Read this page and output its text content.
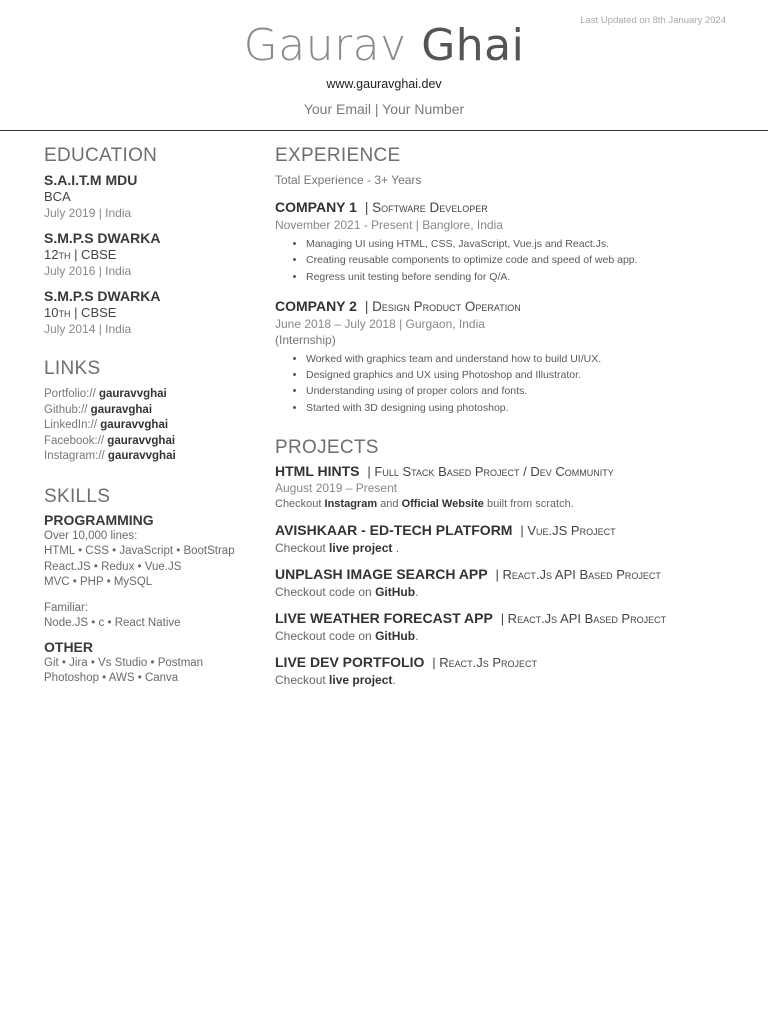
Last Updated on 8th January 2024
Gaurav Ghai
www.gauravghai.dev
Your Email | Your Number
EDUCATION
S.A.I.T.M MDU
BCA
July 2019 | India
S.M.P.S DWARKA
12th | CBSE
July 2016 | India
S.M.P.S DWARKA
10th | CBSE
July 2014 | India
LINKS
Portfolio:// gauravvghai
Github:// gauravghai
LinkedIn:// gauravvghai
Facebook:// gauravvghai
Instagram:// gauravvghai
SKILLS
PROGRAMMING
Over 10,000 lines:
HTML • CSS • JavaScript • BootStrap
React.JS • Redux • Vue.JS
MVC • PHP • MySQL
Familiar:
Node.JS • c • React Native
OTHER
Git • Jira • Vs Studio • Postman
Photoshop • AWS • Canva
EXPERIENCE
Total Experience - 3+ Years
COMPANY 1 | Software Developer
November 2021 - Present | Banglore, India
• Managing UI using HTML, CSS, JavaScript, Vue.js and React.Js.
• Creating reusable components to optimize code and speed of web app.
• Regress unit testing before sending for Q/A.
COMPANY 2 | Design Product Operation
June 2018 – July 2018 | Gurgaon, India
(Internship)
• Worked with graphics team and understand how to build UI/UX.
• Designed graphics and UX using Photoshop and Illustrator.
• Understanding using of proper colors and fonts.
• Started with 3D designing using photoshop.
PROJECTS
HTML HINTS | Full Stack Based Project / Dev Community
August 2019 – Present
Checkout Instagram and Official Website built from scratch.
AVISHKAAR - ED-TECH PLATFORM | Vue.JS Project
Checkout live project .
UNPLASH IMAGE SEARCH APP | React.Js API Based Project
Checkout code on GitHub.
LIVE WEATHER FORECAST APP | React.Js API Based Project
Checkout code on GitHub.
LIVE DEV PORTFOLIO | React.Js Project
Checkout live project.
